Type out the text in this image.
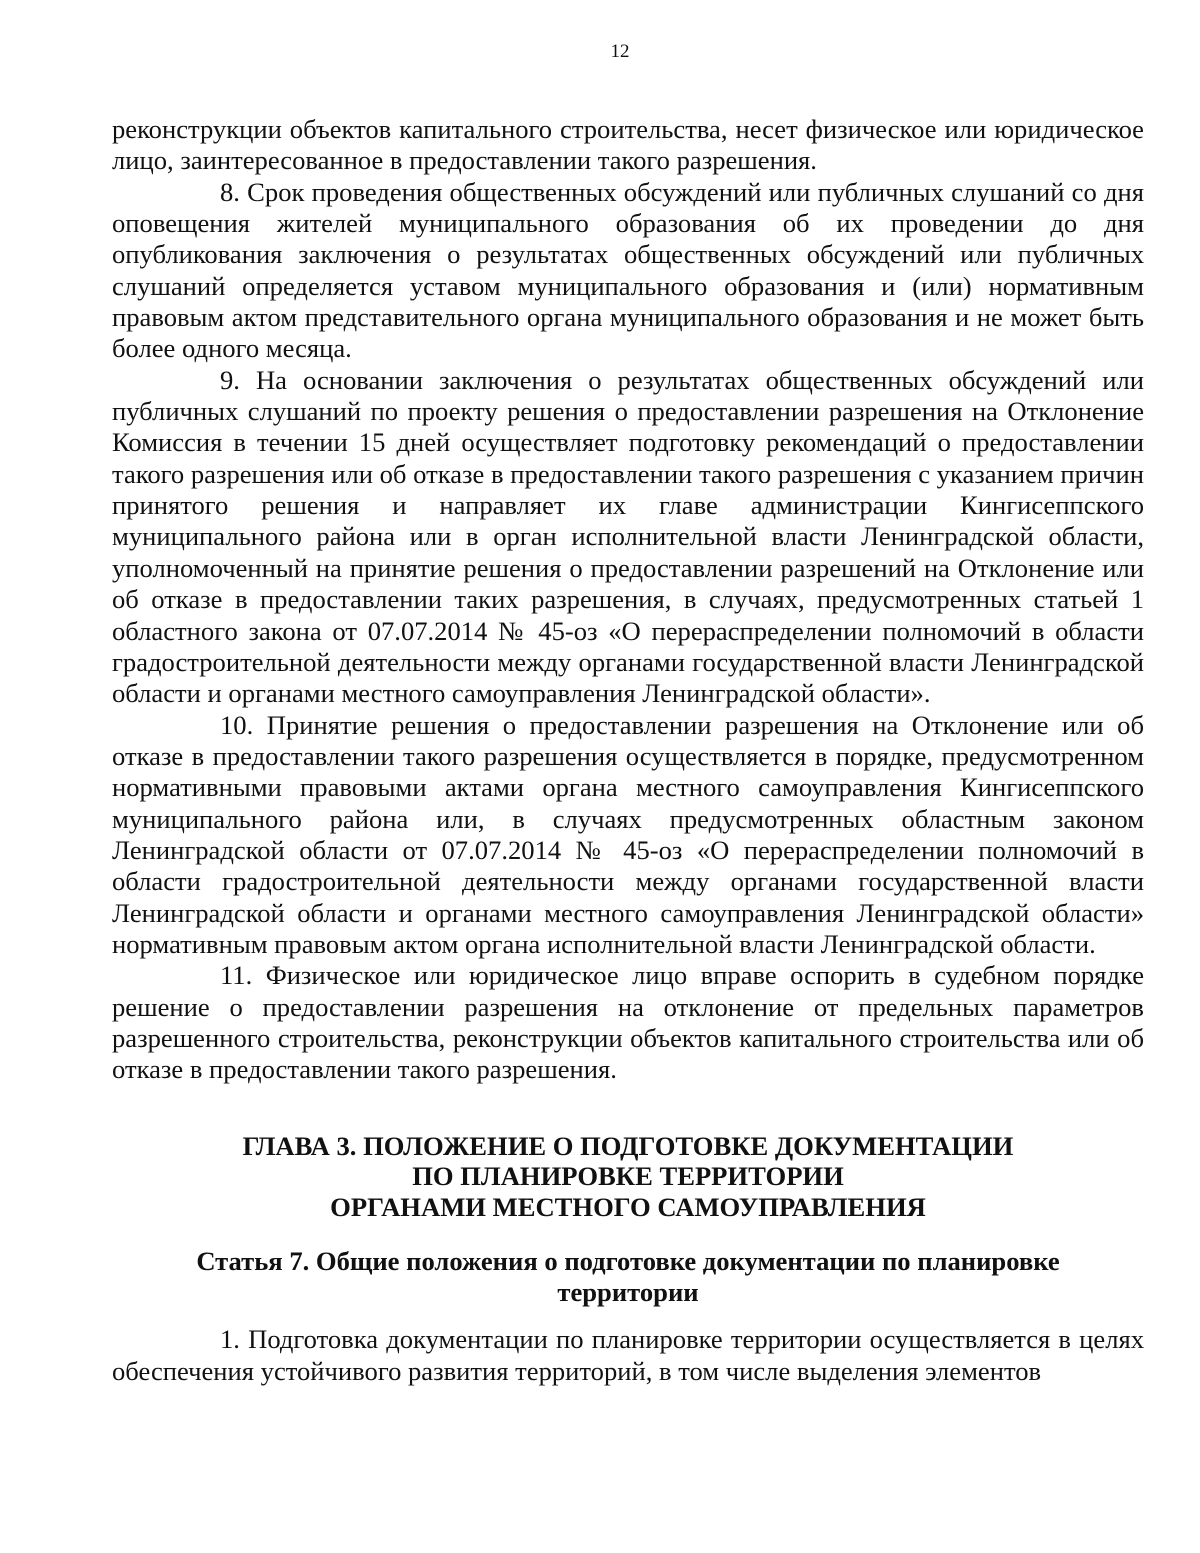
12

реконструкции объектов капитального строительства, несет физическое или юридическое лицо, заинтересованное в предоставлении такого разрешения.

8. Срок проведения общественных обсуждений или публичных слушаний со дня оповещения жителей муниципального образования об их проведении до дня опубликования заключения о результатах общественных обсуждений или публичных слушаний определяется уставом муниципального образования и (или) нормативным правовым актом представительного органа муниципального образования и не может быть более одного месяца.

9. На основании заключения о результатах общественных обсуждений или публичных слушаний по проекту решения о предоставлении разрешения на Отклонение Комиссия в течении 15 дней осуществляет подготовку рекомендаций о предоставлении такого разрешения или об отказе в предоставлении такого разрешения с указанием причин принятого решения и направляет их главе администрации Кингисеппского муниципального района или в орган исполнительной власти Ленинградской области, уполномоченный на принятие решения о предоставлении разрешений на Отклонение или об отказе в предоставлении таких разрешения, в случаях, предусмотренных статьей 1 областного закона от 07.07.2014 № 45-оз «О перераспределении полномочий в области градостроительной деятельности между органами государственной власти Ленинградской области и органами местного самоуправления Ленинградской области».

10. Принятие решения о предоставлении разрешения на Отклонение или об отказе в предоставлении такого разрешения осуществляется в порядке, предусмотренном нормативными правовыми актами органа местного самоуправления Кингисеппского муниципального района или, в случаях предусмотренных областным законом Ленинградской области от 07.07.2014 № 45-оз «О перераспределении полномочий в области градостроительной деятельности между органами государственной власти Ленинградской области и органами местного самоуправления Ленинградской области» нормативным правовым актом органа исполнительной власти Ленинградской области.

11. Физическое или юридическое лицо вправе оспорить в судебном порядке решение о предоставлении разрешения на отклонение от предельных параметров разрешенного строительства, реконструкции объектов капитального строительства или об отказе в предоставлении такого разрешения.

ГЛАВА 3. ПОЛОЖЕНИЕ О ПОДГОТОВКЕ ДОКУМЕНТАЦИИ
ПО ПЛАНИРОВКЕ ТЕРРИТОРИИ
ОРГАНАМИ МЕСТНОГО САМОУПРАВЛЕНИЯ
Статья 7. Общие положения о подготовке документации по планировке
территории

1. Подготовка документации по планировке территории осуществляется в целях обеспечения устойчивого развития территорий, в том числе выделения элементов
